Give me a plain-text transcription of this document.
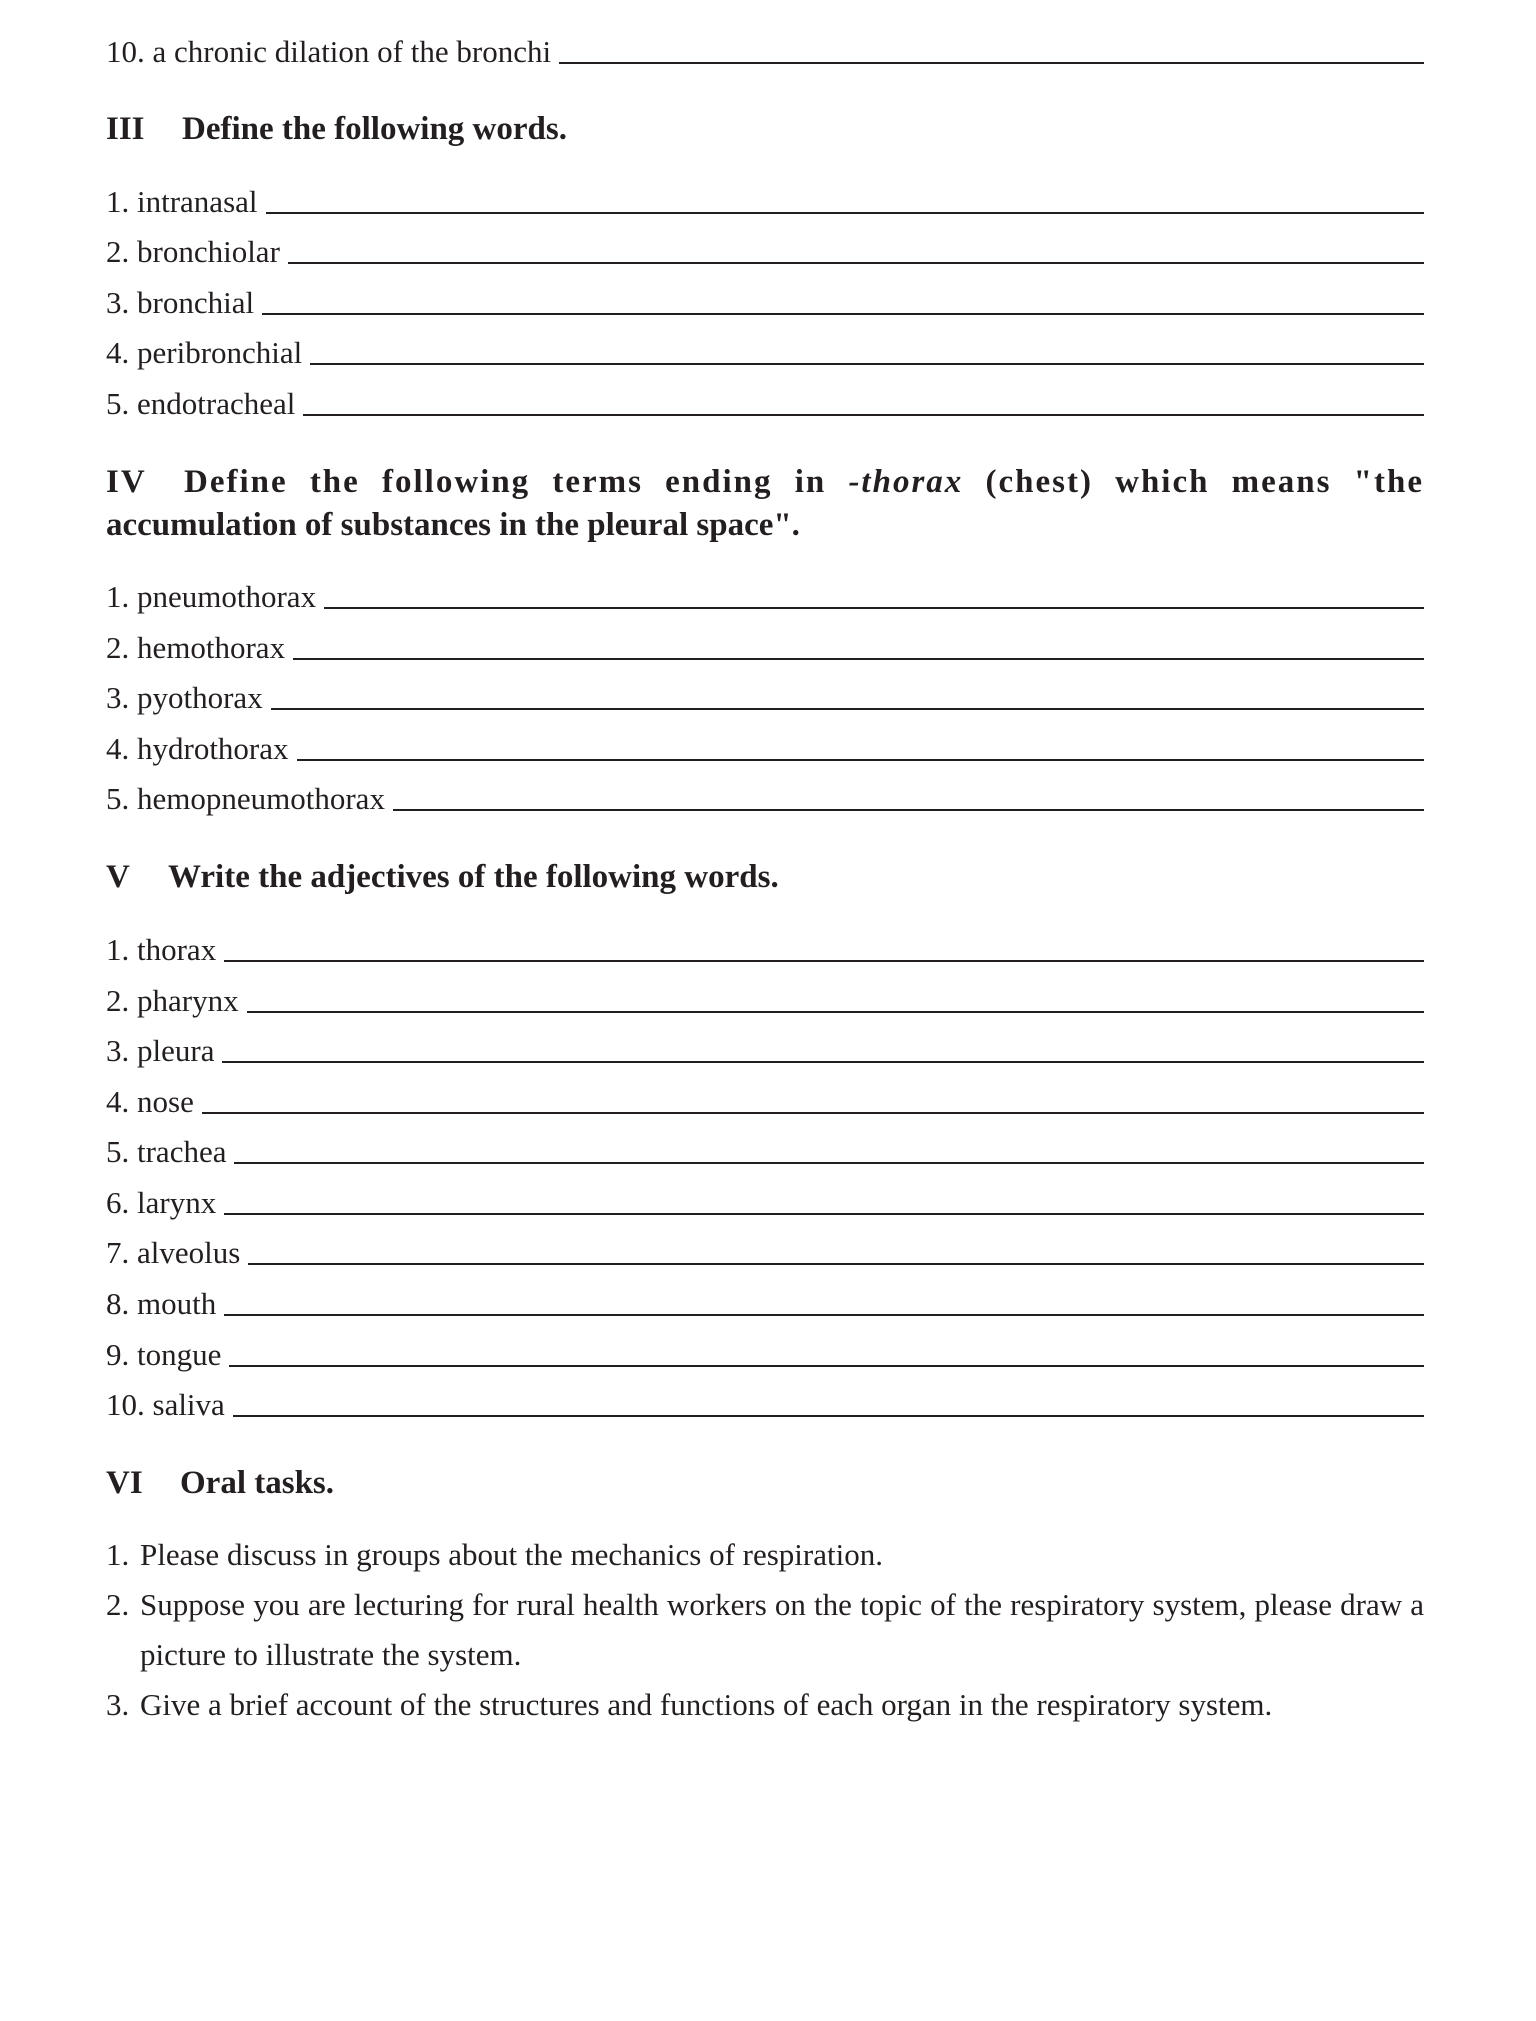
10. a chronic dilation of the bronchi
III Define the following words.
1. intranasal
2. bronchiolar
3. bronchial
4. peribronchial
5. endotracheal
IV Define the following terms ending in -thorax (chest) which means "the
accumulation of substances in the pleural space".
1. pneumothorax
2. hemothorax
3. pyothorax
4. hydrothorax
5. hemopneumothorax
V Write the adjectives of the following words.
1. thorax
2. pharynx
3. pleura
4. nose
5. trachea
6. larynx
7. alveolus
8. mouth
9. tongue
10. saliva
VI Oral tasks.
1. Please discuss in groups about the mechanics of respiration.
2. Suppose you are lecturing for rural health workers on the topic of the respiratory system, please draw a picture to illustrate the system.
3. Give a brief account of the structures and functions of each organ in the respiratory system.
